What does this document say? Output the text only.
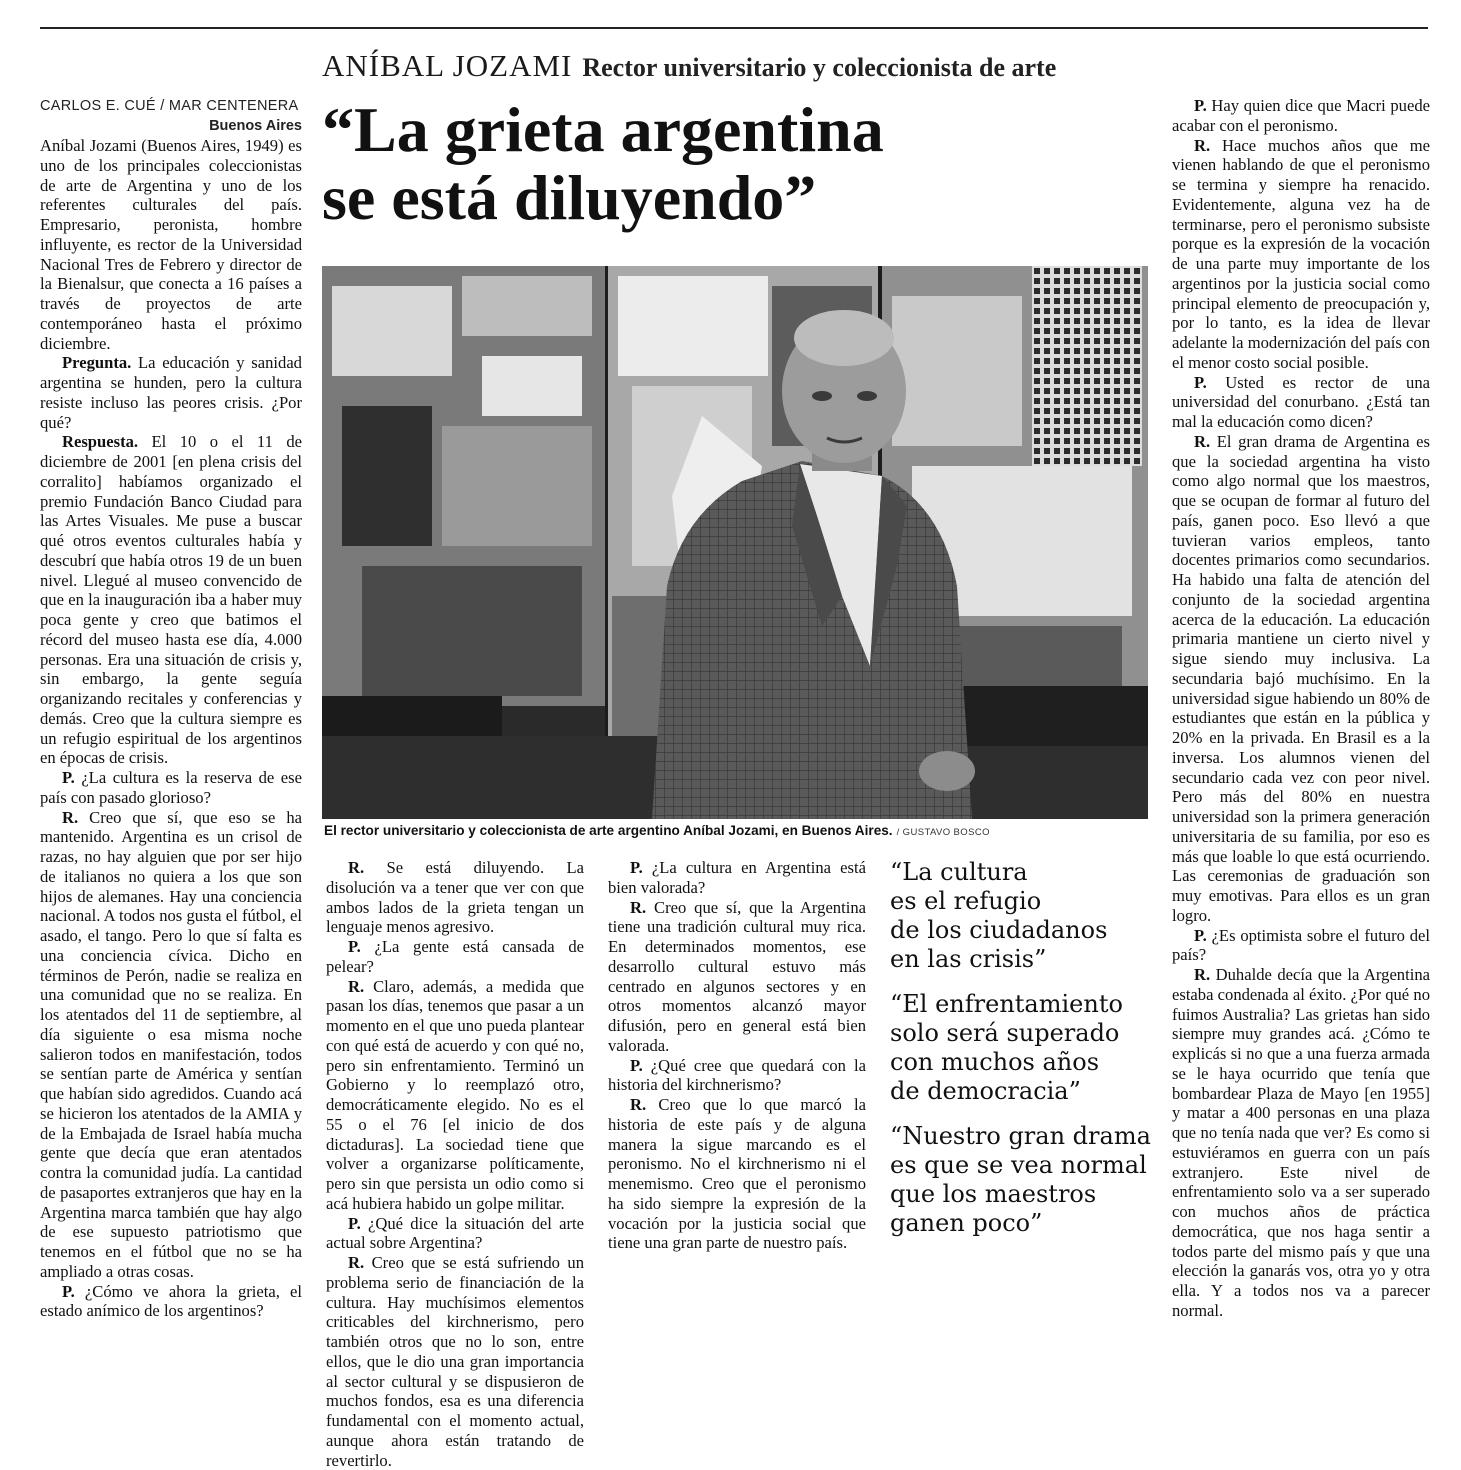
ANÍBAL JOZAMI Rector universitario y coleccionista de arte
“La grieta argentina
se está diluyendo”
CARLOS E. CUÉ / MAR CENTENERA
Buenos Aires

Aníbal Jozami (Buenos Aires, 1949) es uno de los principales coleccionistas de arte de Argentina y uno de los referentes culturales del país. Empresario, peronista, hombre influyente, es rector de la Universidad Nacional Tres de Febrero y director de la Bienalsur, que conecta a 16 países a través de proyectos de arte contemporáneo hasta el próximo diciembre.

Pregunta. La educación y sanidad argentina se hunden, pero la cultura resiste incluso las peores crisis. ¿Por qué?

Respuesta. El 10 o el 11 de diciembre de 2001 [en plena crisis del corralito] habíamos organizado el premio Fundación Banco Ciudad para las Artes Visuales. Me puse a buscar qué otros eventos culturales había y descubrí que había otros 19 de un buen nivel. Llegué al museo convencido de que en la inauguración iba a haber muy poca gente y creo que batimos el récord del museo hasta ese día, 4.000 personas. Era una situación de crisis y, sin embargo, la gente seguía organizando recitales y conferencias y demás. Creo que la cultura siempre es un refugio espiritual de los argentinos en épocas de crisis.

P. ¿La cultura es la reserva de ese país con pasado glorioso?

R. Creo que sí, que eso se ha mantenido. Argentina es un crisol de razas, no hay alguien que por ser hijo de italianos no quiera a los que son hijos de alemanes. Hay una conciencia nacional. A todos nos gusta el fútbol, el asado, el tango. Pero lo que sí falta es una conciencia cívica. Dicho en términos de Perón, nadie se realiza en una comunidad que no se realiza. En los atentados del 11 de septiembre, al día siguiente o esa misma noche salieron todos en manifestación, todos se sentían parte de América y sentían que habían sido agredidos. Cuando acá se hicieron los atentados de la AMIA y de la Embajada de Israel había mucha gente que decía que eran atentados contra la comunidad judía. La cantidad de pasaportes extranjeros que hay en la Argentina marca también que hay algo de ese supuesto patriotismo que tenemos en el fútbol que no se ha ampliado a otras cosas.

P. ¿Cómo ve ahora la grieta, el estado anímico de los argentinos?

El rector universitario y coleccionista de arte argentino Aníbal Jozami, en Buenos Aires. / GUSTAVO BOSCO

R. Se está diluyendo. La disolución va a tener que ver con que ambos lados de la grieta tengan un lenguaje menos agresivo.

P. ¿La gente está cansada de pelear?

R. Claro, además, a medida que pasan los días, tenemos que pasar a un momento en el que uno pueda plantear con qué está de acuerdo y con qué no, pero sin enfrentamiento. Terminó un Gobierno y lo reemplazó otro, democráticamente elegido. No es el 55 o el 76 [el inicio de dos dictaduras]. La sociedad tiene que volver a organizarse políticamente, pero sin que persista un odio como si acá hubiera habido un golpe militar.

P. ¿Qué dice la situación del arte actual sobre Argentina?

R. Creo que se está sufriendo un problema serio de financiación de la cultura. Hay muchísimos elementos criticables del kirchnerismo, pero también otros que no lo son, entre ellos, que le dio una gran importancia al sector cultural y se dispusieron de muchos fondos, esa es una diferencia fundamental con el momento actual, aunque ahora están tratando de revertirlo.

P. ¿La cultura en Argentina está bien valorada?

R. Creo que sí, que la Argentina tiene una tradición cultural muy rica. En determinados momentos, ese desarrollo cultural estuvo más centrado en algunos sectores y en otros momentos alcanzó mayor difusión, pero en general está bien valorada.

P. ¿Qué cree que quedará con la historia del kirchnerismo?

R. Creo que lo que marcó la historia de este país y de alguna manera la sigue marcando es el peronismo. No el kirchnerismo ni el menemismo. Creo que el peronismo ha sido siempre la expresión de la vocación por la justicia social que tiene una gran parte de nuestro país.

“La cultura
es el refugio
de los ciudadanos
en las crisis”
“El enfrentamiento
solo será superado
con muchos años
de democracia”
“Nuestro gran drama
es que se vea normal
que los maestros
ganen poco”

P. Hay quien dice que Macri puede acabar con el peronismo.

R. Hace muchos años que me vienen hablando de que el peronismo se termina y siempre ha renacido. Evidentemente, alguna vez ha de terminarse, pero el peronismo subsiste porque es la expresión de la vocación de una parte muy importante de los argentinos por la justicia social como principal elemento de preocupación y, por lo tanto, es la idea de llevar adelante la modernización del país con el menor costo social posible.

P. Usted es rector de una universidad del conurbano. ¿Está tan mal la educación como dicen?

R. El gran drama de Argentina es que la sociedad argentina ha visto como algo normal que los maestros, que se ocupan de formar al futuro del país, ganen poco. Eso llevó a que tuvieran varios empleos, tanto docentes primarios como secundarios. Ha habido una falta de atención del conjunto de la sociedad argentina acerca de la educación. La educación primaria mantiene un cierto nivel y sigue siendo muy inclusiva. La secundaria bajó muchísimo. En la universidad sigue habiendo un 80% de estudiantes que están en la pública y 20% en la privada. En Brasil es a la inversa. Los alumnos vienen del secundario cada vez con peor nivel. Pero más del 80% en nuestra universidad son la primera generación universitaria de su familia, por eso es más que loable lo que está ocurriendo. Las ceremonias de graduación son muy emotivas. Para ellos es un gran logro.

P. ¿Es optimista sobre el futuro del país?

R. Duhalde decía que la Argentina estaba condenada al éxito. ¿Por qué no fuimos Australia? Las grietas han sido siempre muy grandes acá. ¿Cómo te explicás si no que a una fuerza armada se le haya ocurrido que tenía que bombardear Plaza de Mayo [en 1955] y matar a 400 personas en una plaza que no tenía nada que ver? Es como si estuviéramos en guerra con un país extranjero. Este nivel de enfrentamiento solo va a ser superado con muchos años de práctica democrática, que nos haga sentir a todos parte del mismo país y que una elección la ganarás vos, otra yo y otra ella. Y a todos nos va a parecer normal.
